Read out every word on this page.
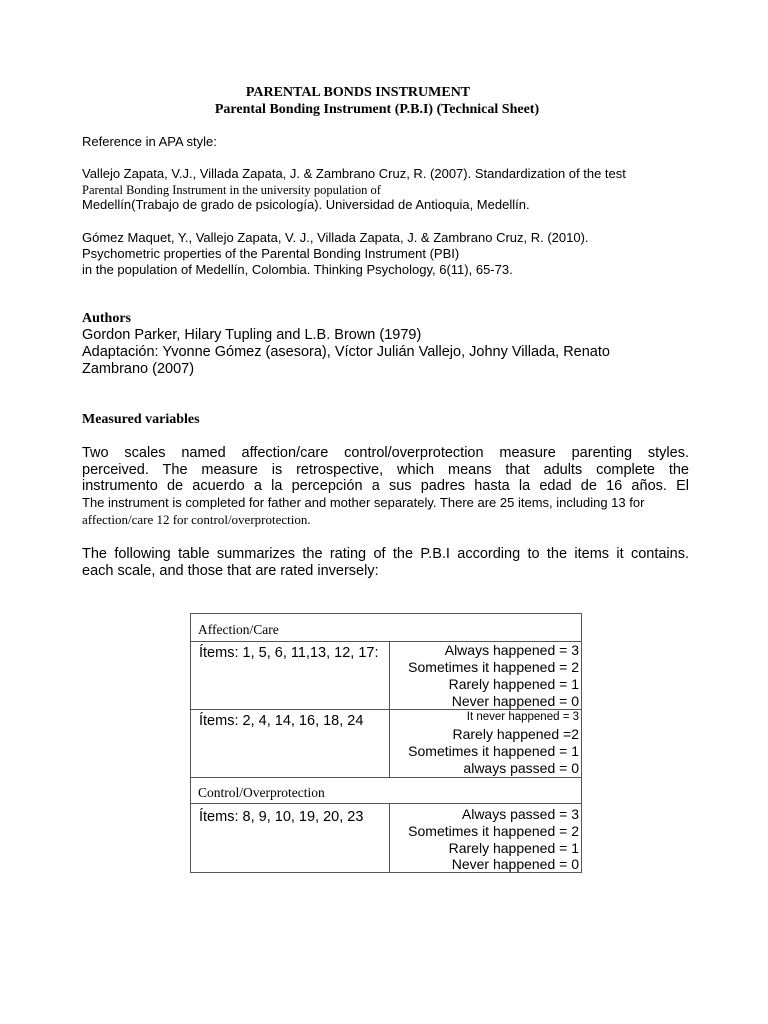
PARENTAL BONDS INSTRUMENT
Parental Bonding Instrument (P.B.I) (Technical Sheet)
Reference in APA style:
Vallejo Zapata, V.J., Villada Zapata, J. & Zambrano Cruz, R. (2007). Standardization of the test
Parental Bonding Instrument in the university population of
Medellín(Trabajo de grado de psicología). Universidad de Antioquia, Medellín.
Gómez Maquet, Y., Vallejo Zapata, V. J., Villada Zapata, J. & Zambrano Cruz, R. (2010).
Psychometric properties of the Parental Bonding Instrument (PBI)
in the population of Medellín, Colombia. Thinking Psychology, 6(11), 65-73.
Authors
Gordon Parker, Hilary Tupling and L.B. Brown (1979)
Adaptación: Yvonne Gómez (asesora), Víctor Julián Vallejo, Johny Villada, Renato
Zambrano (2007)
Measured variables
Two scales named affection/care control/overprotection measure parenting styles.
perceived. The measure is retrospective, which means that adults complete the
instrumento de acuerdo a la percepción a sus padres hasta la edad de 16 años. El
The instrument is completed for father and mother separately. There are 25 items, including 13 for
affection/care 12 for control/overprotection.
The following table summarizes the rating of the P.B.I according to the items it contains.
each scale, and those that are rated inversely:
Affection/Care
Ítems: 1, 5, 6, 11,13, 12, 17:	Always happened = 3
Sometimes it happened = 2
Rarely happened = 1
Never happened = 0
Ítems: 2, 4, 14, 16, 18, 24	It never happened = 3
Rarely happened =2
Sometimes it happened = 1
always passed = 0
Control/Overprotection
Ítems: 8, 9, 10, 19, 20, 23	Always passed = 3
Sometimes it happened = 2
Rarely happened = 1
Never happened = 0
